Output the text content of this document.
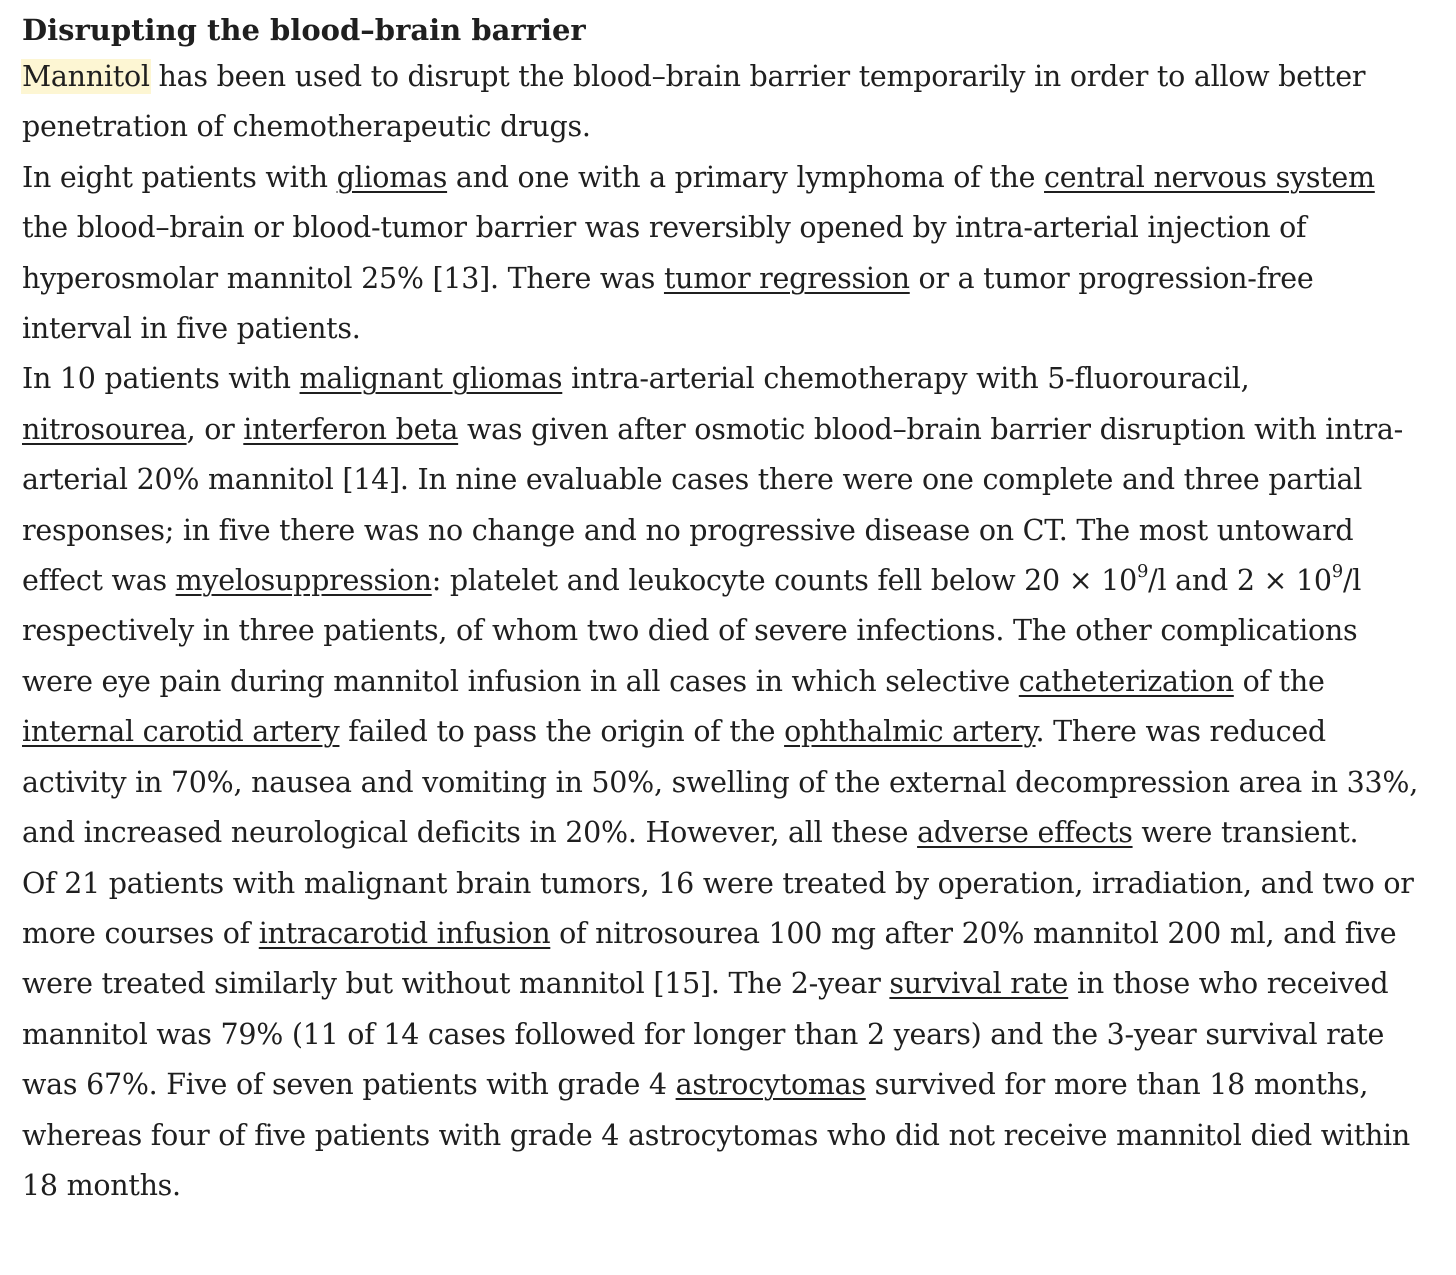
Disrupting the blood–brain barrier

Mannitol has been used to disrupt the blood–brain barrier temporarily in order to allow better penetration of chemotherapeutic drugs.

In eight patients with gliomas and one with a primary lymphoma of the central nervous system the blood–brain or blood-tumor barrier was reversibly opened by intra-arterial injection of hyperosmolar mannitol 25% [13]. There was tumor regression or a tumor progression-free interval in five patients.

In 10 patients with malignant gliomas intra-arterial chemotherapy with 5-fluorouracil, nitrosourea, or interferon beta was given after osmotic blood–brain barrier disruption with intra-arterial 20% mannitol [14]. In nine evaluable cases there were one complete and three partial responses; in five there was no change and no progressive disease on CT. The most untoward effect was myelosuppression: platelet and leukocyte counts fell below $20 \times 10^9/l$ and $2 \times 10^9/l$ respectively in three patients, of whom two died of severe infections. The other complications were eye pain during mannitol infusion in all cases in which selective catheterization of the internal carotid artery failed to pass the origin of the ophthalmic artery. There was reduced activity in 70%, nausea and vomiting in 50%, swelling of the external decompression area in 33%, and increased neurological deficits in 20%. However, all these adverse effects were transient.

Of 21 patients with malignant brain tumors, 16 were treated by operation, irradiation, and two or more courses of intracarotid infusion of nitrosourea 100 mg after 20% mannitol 200 ml, and five were treated similarly but without mannitol [15]. The 2-year survival rate in those who received mannitol was 79% (11 of 14 cases followed for longer than 2 years) and the 3-year survival rate was 67%. Five of seven patients with grade 4 astrocytomas survived for more than 18 months, whereas four of five patients with grade 4 astrocytomas who did not receive mannitol died within 18 months.
